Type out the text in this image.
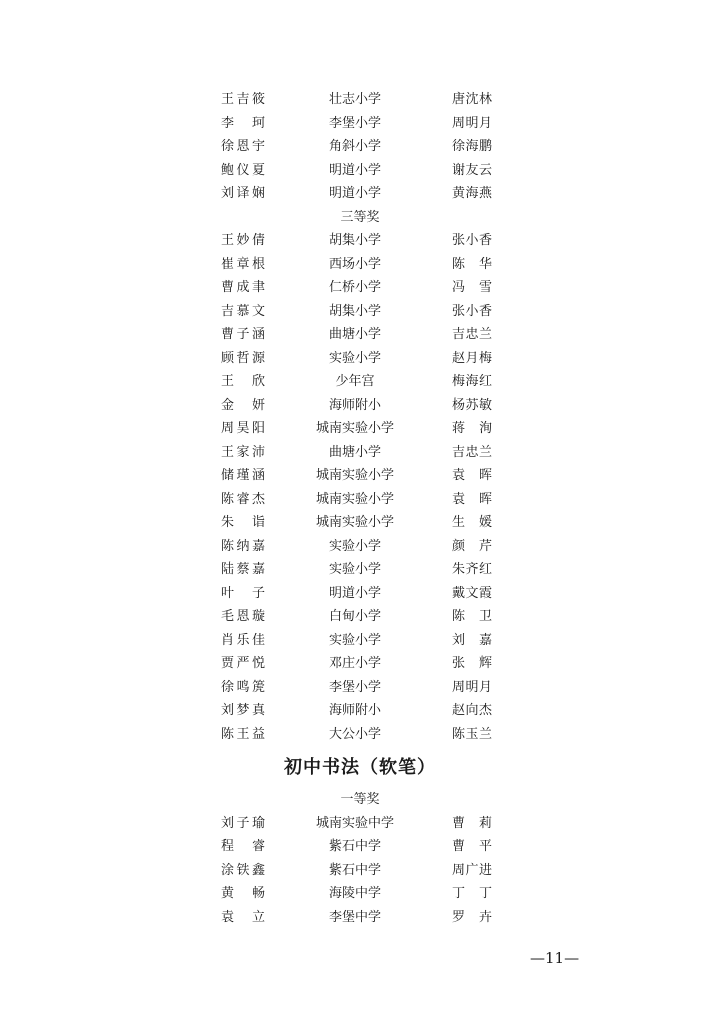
—11—
王吉筱	壮志小学	唐沈林
李　珂	李堡小学	周明月
徐恩宇	角斜小学	徐海鹏
鲍仪夏	明道小学	谢友云
刘译娴	明道小学	黄海燕
三等奖
王妙倩	胡集小学	张小香
崔章根	西场小学	陈　华
曹成聿	仁桥小学	冯　雪
吉慕文	胡集小学	张小香
曹子涵	曲塘小学	吉忠兰
顾哲源	实验小学	赵月梅
王　欣	少年宫	梅海红
金　妍	海师附小	杨苏敏
周昊阳	城南实验小学	蒋　洵
王家沛	曲塘小学	吉忠兰
储瑾涵	城南实验小学	袁　晖
陈睿杰	城南实验小学	袁　晖
朱　诣	城南实验小学	生　媛
陈纳嘉	实验小学	颜　芹
陆蔡嘉	实验小学	朱齐红
叶　子	明道小学	戴文霞
毛恩璇	白甸小学	陈　卫
肖乐佳	实验小学	刘　嘉
贾严悦	邓庄小学	张　辉
徐鸣箎	李堡小学	周明月
刘梦真	海师附小	赵向杰
陈王益	大公小学	陈玉兰
初中书法（软笔）
一等奖
刘子瑜	城南实验中学	曹　莉
程　睿	紫石中学	曹　平
涂铁鑫	紫石中学	周广进
黄　畅	海陵中学	丁　丁
袁　立	李堡中学	罗　卉
